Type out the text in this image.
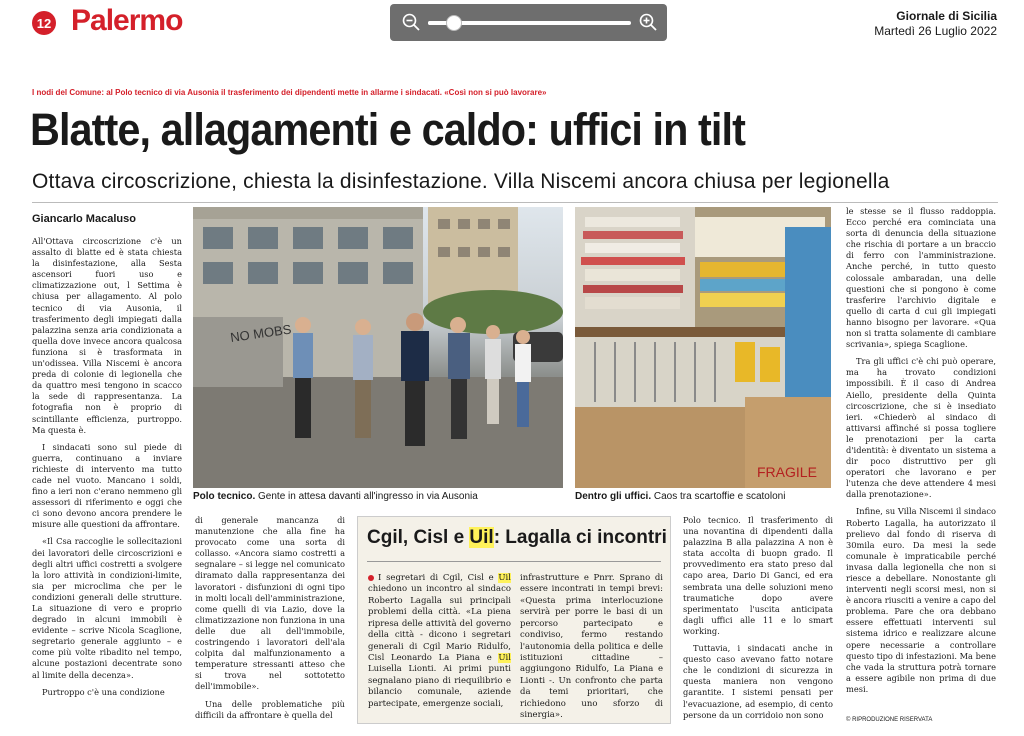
12 Palermo	Giornale di Sicilia
Martedì 26 Luglio 2022
I nodi del Comune: al Polo tecnico di via Ausonia il trasferimento dei dipendenti mette in allarme i sindacati. «Così non si può lavorare»
Blatte, allagamenti e caldo: uffici in tilt
Ottava circoscrizione, chiesta la disinfestazione. Villa Niscemi ancora chiusa per legionella
Giancarlo Macaluso

All'Ottava circoscrizione c'è un assalto di blatte ed è stata chiesta la disinfestazione, alla Sesta ascensori fuori uso e climatizzazione out, l Settima è chiusa per allagamento. Al polo tecnico di via Ausonia, il trasferimento degli impiegati dalla palazzina senza aria condizionata a quella dove invece ancora qualcosa funziona si è trasformata in un'odissea. Villa Niscemi è ancora preda di colonie di legionella che da quattro mesi tengono in scacco la sede di rappresentanza. La fotografia non è proprio di scintillante efficienza, purtroppo. Ma questa è.

I sindacati sono sul piede di guerra, continuano a inviare richieste di intervento ma tutto cade nel vuoto. Mancano i soldi, fino a ieri non c'erano nemmeno gli assessori di riferimento e oggi che ci sono devono ancora prendere le misure alle questioni da affrontare.

«Il Csa raccoglie le sollecitazioni dei lavoratori delle circoscrizioni e degli altri uffici costretti a svolgere la loro attività in condizioni-limite, sia per microclima che per le condizioni generali delle strutture. La situazione di vero e proprio degrado in alcuni immobili è evidente – scrive Nicola Scaglione, segretario generale aggiunto – e come più volte ribadito nel tempo, alcune postazioni decentrate sono al limite della decenza».

Purtroppo c'è una condizione

NO MOBS
Polo tecnico. Gente in attesa davanti all'ingresso in via Ausonia
FRAGILE
Dentro gli uffici. Caos tra scartoffie e scatoloni

di generale mancanza di manutenzione che alla fine ha provocato come una sorta di collasso. «Ancora siamo costretti a segnalare – si legge nel comunicato diramato dalla rappresentanza dei lavoratori - disfunzioni di ogni tipo in molti locali dell'amministrazione, come quelli di via Lazio, dove la climatizzazione non funziona in una delle due ali dell'immobile, costringendo i lavoratori dell'ala colpita dal malfunzionamento a temperature stressanti atteso che si trova nel sottotetto dell'immobile».

Una delle problematiche più difficili da affrontare è quella del

Cgil, Cisl e Uil: Lagalla ci incontri
I segretari di Cgil, Cisl e Uil chiedono un incontro al sindaco Roberto Lagalla sui principali problemi della città. «La piena ripresa delle attività del governo della città - dicono i segretari generali di Cgil Mario Ridulfo, Cisl Leonardo La Piana e Uil Luisella Lionti. Ai primi punti segnalano piano di riequilibrio e bilancio comunale, aziende partecipate, emergenze sociali,
infrastrutture e Pnrr. Sprano di essere incontrati in tempi brevi: «Questa prima interlocuzione servirà per porre le basi di un percorso partecipato e condiviso, fermo restando l'autonomia della politica e delle istituzioni cittadine – aggiungono Ridulfo, La Piana e Lionti -. Un confronto che parta da temi prioritari, che richiedono uno sforzo di sinergia».

Polo tecnico. Il trasferimento di una novantina di dipendenti dalla palazzina B alla palazzina A non è stata accolta di buopn grado. Il provvedimento era stato preso dal capo area, Dario Di Ganci, ed era sembrata una delle soluzioni meno traumatiche dopo avere sperimentato l'uscita anticipata dagli uffici alle 11 e lo smart working.

Tuttavia, i sindacati anche in questo caso avevano fatto notare che le condizioni di sicurezza in questa maniera non vengono garantite. I sistemi pensati per l'evacuazione, ad esempio, di cento persone da un corridoio non sono

le stesse se il flusso raddoppia. Ecco perché era cominciata una sorta di denuncia della situazione che rischia di portare a un braccio di ferro con l'amministrazione. Anche perché, in tutto questo colossale ambaradan, una delle questioni che si pongono è come trasferire l'archivio digitale e quello di carta d cui gli impiegati hanno bisogno per lavorare. «Qua non si tratta solamente di cambiare scrivania», spiega Scaglione.

Tra gli uffici c'è chi può operare, ma ha trovato condizioni impossibili. È il caso di Andrea Aiello, presidente della Quinta circoscrizione, che si è insediato ieri. «Chiederò al sindaco di attivarsi affinché si possa togliere le prenotazioni per la carta d'identità: è diventato un sistema a dir poco distruttivo per gli operatori che lavorano e per l'utenza che deve attendere 4 mesi dalla prenotazione».

Infine, su Villa Niscemi il sindaco Roberto Lagalla, ha autorizzato il prelievo dal fondo di riserva di 30mila euro. Da mesi la sede comunale è impraticabile perché invasa dalla legionella che non si riesce a debellare. Nonostante gli interventi negli scorsi mesi, non si è ancora riusciti a venire a capo del problema. Pare che ora debbano essere effettuati interventi sul sistema idrico e realizzare alcune opere necessarie a controllare questo tipo di infestazioni. Ma bene che vada la struttura potrà tornare a essere agibile non prima di due mesi.

© RIPRODUZIONE RISERVATA
